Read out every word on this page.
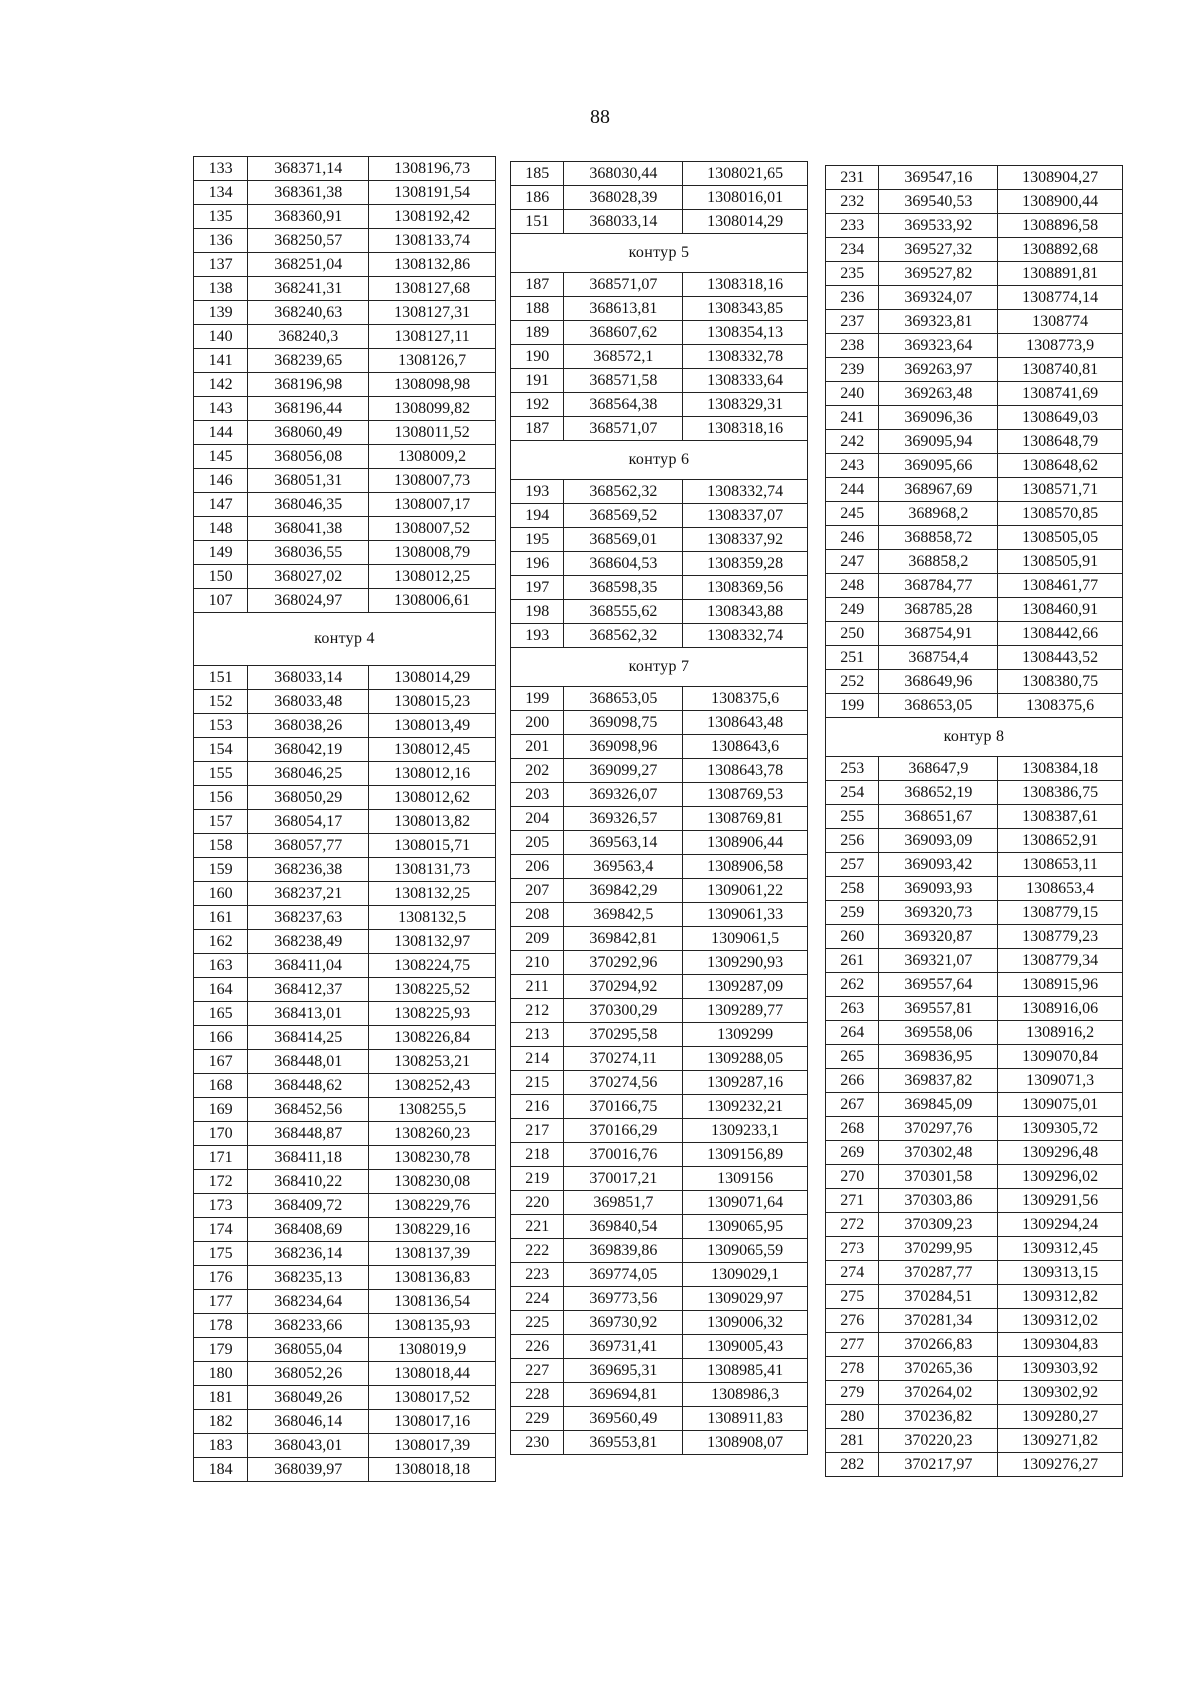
88
133	368371,14	1308196,73
134	368361,38	1308191,54
135	368360,91	1308192,42
136	368250,57	1308133,74
137	368251,04	1308132,86
138	368241,31	1308127,68
139	368240,63	1308127,31
140	368240,3	1308127,11
141	368239,65	1308126,7
142	368196,98	1308098,98
143	368196,44	1308099,82
144	368060,49	1308011,52
145	368056,08	1308009,2
146	368051,31	1308007,73
147	368046,35	1308007,17
148	368041,38	1308007,52
149	368036,55	1308008,79
150	368027,02	1308012,25
107	368024,97	1308006,61
контур 4		
151	368033,14	1308014,29
152	368033,48	1308015,23
153	368038,26	1308013,49
154	368042,19	1308012,45
155	368046,25	1308012,16
156	368050,29	1308012,62
157	368054,17	1308013,82
158	368057,77	1308015,71
159	368236,38	1308131,73
160	368237,21	1308132,25
161	368237,63	1308132,5
162	368238,49	1308132,97
163	368411,04	1308224,75
164	368412,37	1308225,52
165	368413,01	1308225,93
166	368414,25	1308226,84
167	368448,01	1308253,21
168	368448,62	1308252,43
169	368452,56	1308255,5
170	368448,87	1308260,23
171	368411,18	1308230,78
172	368410,22	1308230,08
173	368409,72	1308229,76
174	368408,69	1308229,16
175	368236,14	1308137,39
176	368235,13	1308136,83
177	368234,64	1308136,54
178	368233,66	1308135,93
179	368055,04	1308019,9
180	368052,26	1308018,44
181	368049,26	1308017,52
182	368046,14	1308017,16
183	368043,01	1308017,39
184	368039,97	1308018,18
185	368030,44	1308021,65
186	368028,39	1308016,01
151	368033,14	1308014,29
контур 5		
187	368571,07	1308318,16
188	368613,81	1308343,85
189	368607,62	1308354,13
190	368572,1	1308332,78
191	368571,58	1308333,64
192	368564,38	1308329,31
187	368571,07	1308318,16
контур 6		
193	368562,32	1308332,74
194	368569,52	1308337,07
195	368569,01	1308337,92
196	368604,53	1308359,28
197	368598,35	1308369,56
198	368555,62	1308343,88
193	368562,32	1308332,74
контур 7		
199	368653,05	1308375,6
200	369098,75	1308643,48
201	369098,96	1308643,6
202	369099,27	1308643,78
203	369326,07	1308769,53
204	369326,57	1308769,81
205	369563,14	1308906,44
206	369563,4	1308906,58
207	369842,29	1309061,22
208	369842,5	1309061,33
209	369842,81	1309061,5
210	370292,96	1309290,93
211	370294,92	1309287,09
212	370300,29	1309289,77
213	370295,58	1309299
214	370274,11	1309288,05
215	370274,56	1309287,16
216	370166,75	1309232,21
217	370166,29	1309233,1
218	370016,76	1309156,89
219	370017,21	1309156
220	369851,7	1309071,64
221	369840,54	1309065,95
222	369839,86	1309065,59
223	369774,05	1309029,1
224	369773,56	1309029,97
225	369730,92	1309006,32
226	369731,41	1309005,43
227	369695,31	1308985,41
228	369694,81	1308986,3
229	369560,49	1308911,83
230	369553,81	1308908,07
231	369547,16	1308904,27
232	369540,53	1308900,44
233	369533,92	1308896,58
234	369527,32	1308892,68
235	369527,82	1308891,81
236	369324,07	1308774,14
237	369323,81	1308774
238	369323,64	1308773,9
239	369263,97	1308740,81
240	369263,48	1308741,69
241	369096,36	1308649,03
242	369095,94	1308648,79
243	369095,66	1308648,62
244	368967,69	1308571,71
245	368968,2	1308570,85
246	368858,72	1308505,05
247	368858,2	1308505,91
248	368784,77	1308461,77
249	368785,28	1308460,91
250	368754,91	1308442,66
251	368754,4	1308443,52
252	368649,96	1308380,75
199	368653,05	1308375,6
контур 8		
253	368647,9	1308384,18
254	368652,19	1308386,75
255	368651,67	1308387,61
256	369093,09	1308652,91
257	369093,42	1308653,11
258	369093,93	1308653,4
259	369320,73	1308779,15
260	369320,87	1308779,23
261	369321,07	1308779,34
262	369557,64	1308915,96
263	369557,81	1308916,06
264	369558,06	1308916,2
265	369836,95	1309070,84
266	369837,82	1309071,3
267	369845,09	1309075,01
268	370297,76	1309305,72
269	370302,48	1309296,48
270	370301,58	1309296,02
271	370303,86	1309291,56
272	370309,23	1309294,24
273	370299,95	1309312,45
274	370287,77	1309313,15
275	370284,51	1309312,82
276	370281,34	1309312,02
277	370266,83	1309304,83
278	370265,36	1309303,92
279	370264,02	1309302,92
280	370236,82	1309280,27
281	370220,23	1309271,82
282	370217,97	1309276,27
